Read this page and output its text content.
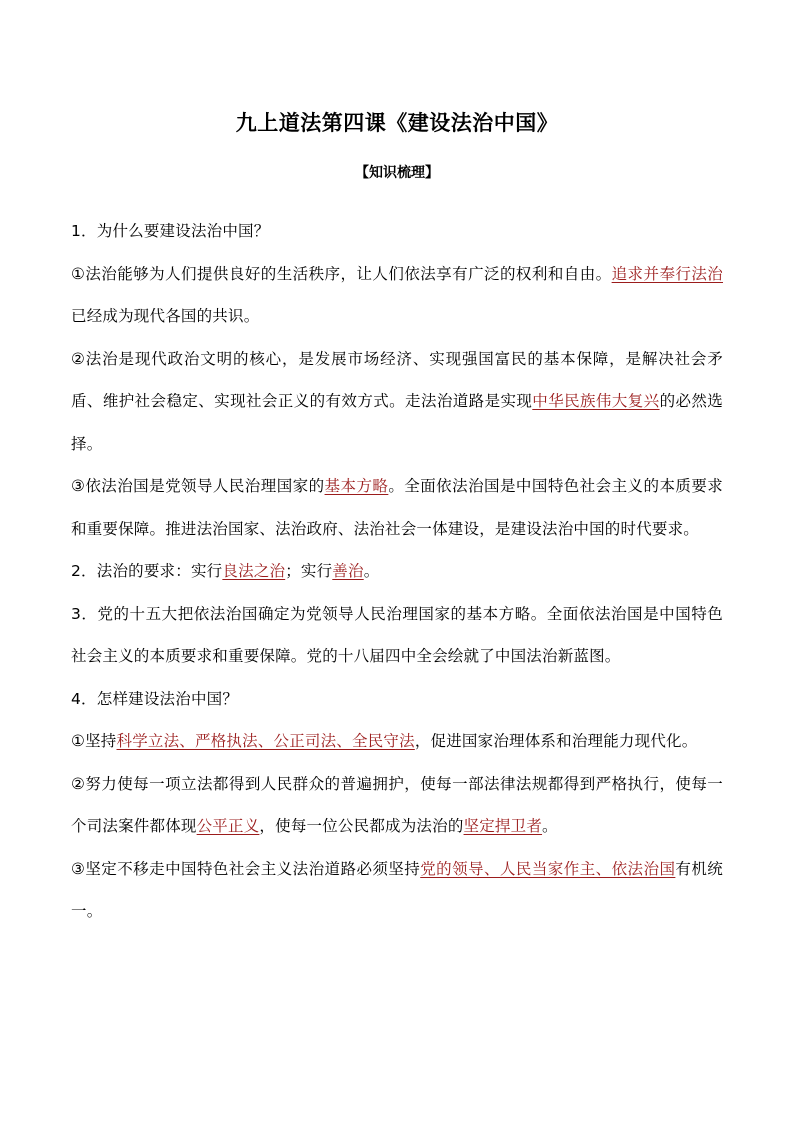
九上道法第四课《建设法治中国》
【知识梳理】

1．为什么要建设法治中国？

①法治能够为人们提供良好的生活秩序，让人们依法享有广泛的权利和自由。追求并奉行法治已经成为现代各国的共识。

②法治是现代政治文明的核心，是发展市场经济、实现强国富民的基本保障，是解决社会矛盾、维护社会稳定、实现社会正义的有效方式。走法治道路是实现中华民族伟大复兴的必然选择。

③依法治国是党领导人民治理国家的基本方略。全面依法治国是中国特色社会主义的本质要求和重要保障。推进法治国家、法治政府、法治社会一体建设，是建设法治中国的时代要求。

2．法治的要求：实行良法之治；实行善治。

3．党的十五大把依法治国确定为党领导人民治理国家的基本方略。全面依法治国是中国特色社会主义的本质要求和重要保障。党的十八届四中全会绘就了中国法治新蓝图。

4．怎样建设法治中国？

①坚持科学立法、严格执法、公正司法、全民守法，促进国家治理体系和治理能力现代化。

②努力使每一项立法都得到人民群众的普遍拥护，使每一部法律法规都得到严格执行，使每一个司法案件都体现公平正义，使每一位公民都成为法治的坚定捍卫者。

③坚定不移走中国特色社会主义法治道路必须坚持党的领导、人民当家作主、依法治国有机统一。
